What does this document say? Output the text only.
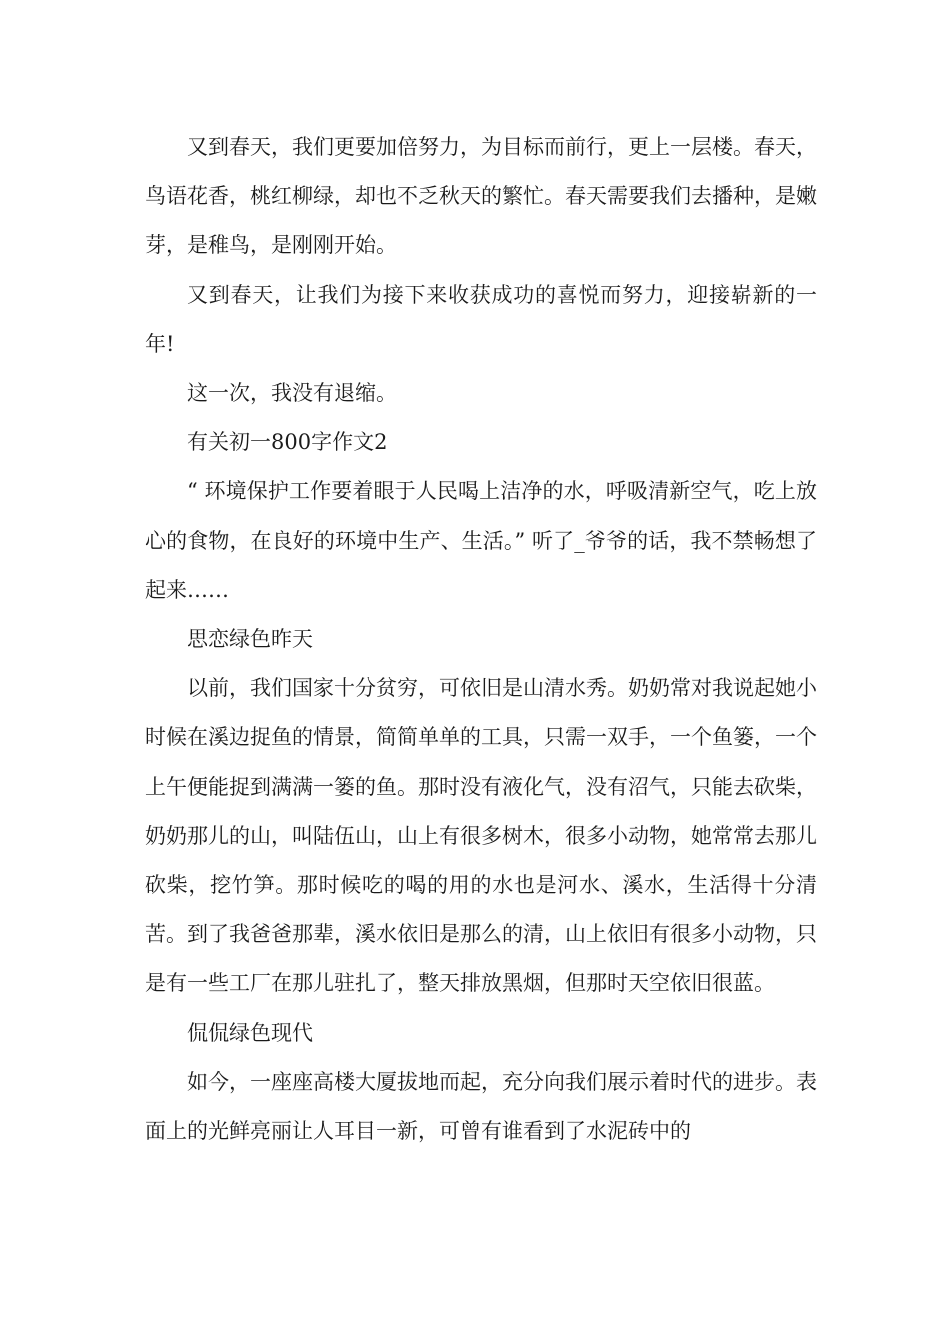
又到春天，我们更要加倍努力，为目标而前行，更上一层楼。春天，鸟语花香，桃红柳绿，却也不乏秋天的繁忙。春天需要我们去播种，是嫩芽，是稚鸟，是刚刚开始。

又到春天，让我们为接下来收获成功的喜悦而努力，迎接崭新的一年!

这一次，我没有退缩。

有关初一800字作文2

“ 环境保护工作要着眼于人民喝上洁净的水，呼吸清新空气，吃上放心的食物，在良好的环境中生产、生活。” 听了_爷爷的话，我不禁畅想了起来……

思恋绿色昨天

以前，我们国家十分贫穷，可依旧是山清水秀。奶奶常对我说起她小时候在溪边捉鱼的情景，简简单单的工具，只需一双手，一个鱼篓，一个上午便能捉到满满一篓的鱼。那时没有液化气，没有沼气，只能去砍柴，奶奶那儿的山，叫陆伍山，山上有很多树木，很多小动物，她常常去那儿砍柴，挖竹笋。那时候吃的喝的用的水也是河水、溪水，生活得十分清苦。到了我爸爸那辈，溪水依旧是那么的清，山上依旧有很多小动物，只是有一些工厂在那儿驻扎了，整天排放黑烟，但那时天空依旧很蓝。

侃侃绿色现代

如今，一座座高楼大厦拔地而起，充分向我们展示着时代的进步。表面上的光鲜亮丽让人耳目一新，可曾有谁看到了水泥砖中的
